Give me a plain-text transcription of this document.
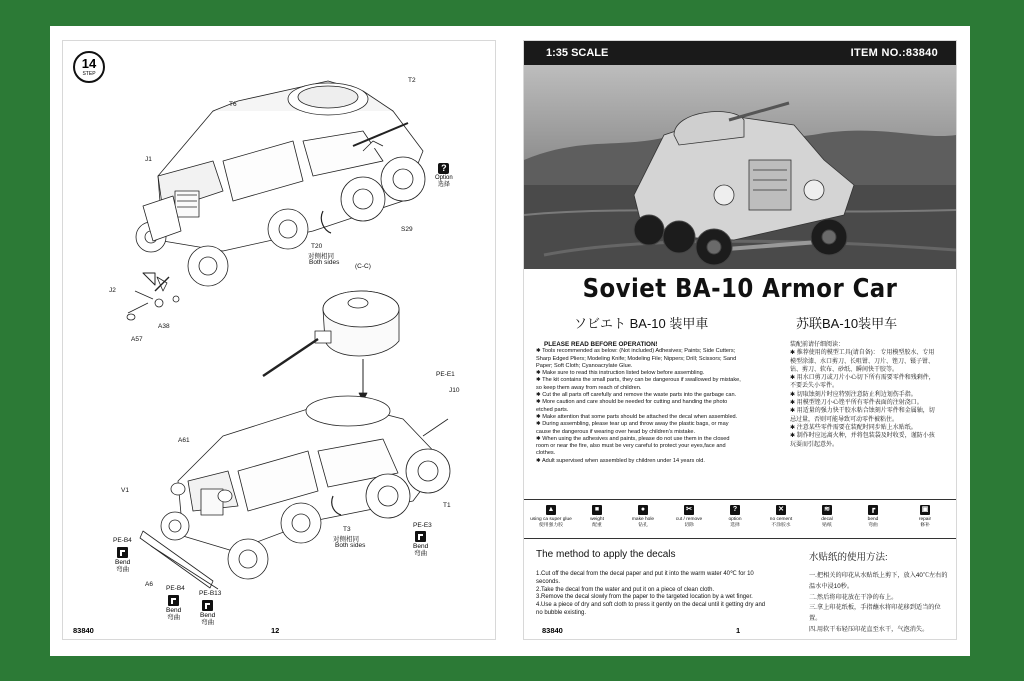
14
STEP
T6
T2
J1
S29
T20
对侧相同
Both sides
?
Option
选择
J2
A38
A57
(C-C)
PE-E1
J10
A61
V1
T1
PE-E3
T3
对侧相同
Both sides	Bend
弯曲
PE-B4
Bend
弯曲
A6
PE-B4
Bend
弯曲
PE-B13
Bend
弯曲
83840	12
1:35 SCALE	ITEM NO.:83840
Soviet BA-10 Armor Car
ソビエト BA-10 装甲車	苏联BA-10装甲车

PLEASE READ BEFORE OPERATION!

✱ Tools recommended as below: (Not included) Adhesives; Paints; Side Cutters; Sharp Edged Pliers; Modeling Knife; Modeling File; Nippers; Drill; Scissors; Sand Paper; Soft Cloth; Cyanoacrylate Glue.

✱ Make sure to read this instruction listed below before assembling.

✱ The kit contains the small parts, they can be dangerous if swallowed by mistake, so keep them away from reach of children.

✱ Cut the all parts off carefully and remove the waste parts into the garbage can.

✱ More caution and care should be needed for cutting and handing the photo etched parts.

✱ Make attention that some parts should be attached the decal when assembled.

✱ During assembling, please tear up and throw away the plastic bags, or may cause the dangerous if wearing over head by children's mistake.

✱ When using the adhesives and paints, please do not use them in the closed room or near the fire, also must be very careful to protect your eyes,face and clothes.

✱ Adult supervised when assembled by children under 14 years old.

装配前请仔细阅读：

✱ 推荐使用的模型工具(请自备)： 专用模型胶水、专用模型涂漆、水口剪刀、长咀钳、刀片、锉刀、镊子钳、钻、剪刀、软布、砂纸、瞬间快干胶等。

✱ 用水口剪刀或刀片小心切下所有需要零件和残剩件，不要丢失小零件。

✱ 切取蚀刻片时应特别注意防止利边划伤手指。

✱ 用模型锉刀小心锉平所有零件表面的注射浇口。

✱ 用适量的强力快干胶水粘合蚀刻片零件和金属轴，切忌过量，否则可能导致可动零件被粘住。

✱ 注意某些零件需要在装配时同步贴上水贴纸。

✱ 制作时应远离火种，并将包装袋及时收妥，谨防小孩玩耍而引起意外。

▲
using ca super glue
使用强力胶
■
weight
配重
●
make hole
钻孔
✂
cut / remove
切除
?
option
选择
✕
no cement
不涂胶水
≋
decal
贴纸
┏
bend
弯曲
▣
repair
修补
The method to apply the decals

1.Cut off the decal from the decal paper and put it into the warm water 40℃ for 10 seconds.

2.Take the decal from the water and put it on a piece of clean cloth.

3.Remove the decal slowly from the paper to the targeted location by a wet finger.

4.Use a piece of dry and soft cloth to press it gently on the decal until it getting dry and no bubble existing.

水贴纸的使用方法:

一.把相关的印花从水贴纸上剪下，放入40℃左右的温水中浸10秒。

二.然后将印花放在干净的布上。

三.拿上印花纸板，手指蘸水将印花移到适当的位置。

四.用软干布轻压印花直至水干，气泡消失。

83840	1
